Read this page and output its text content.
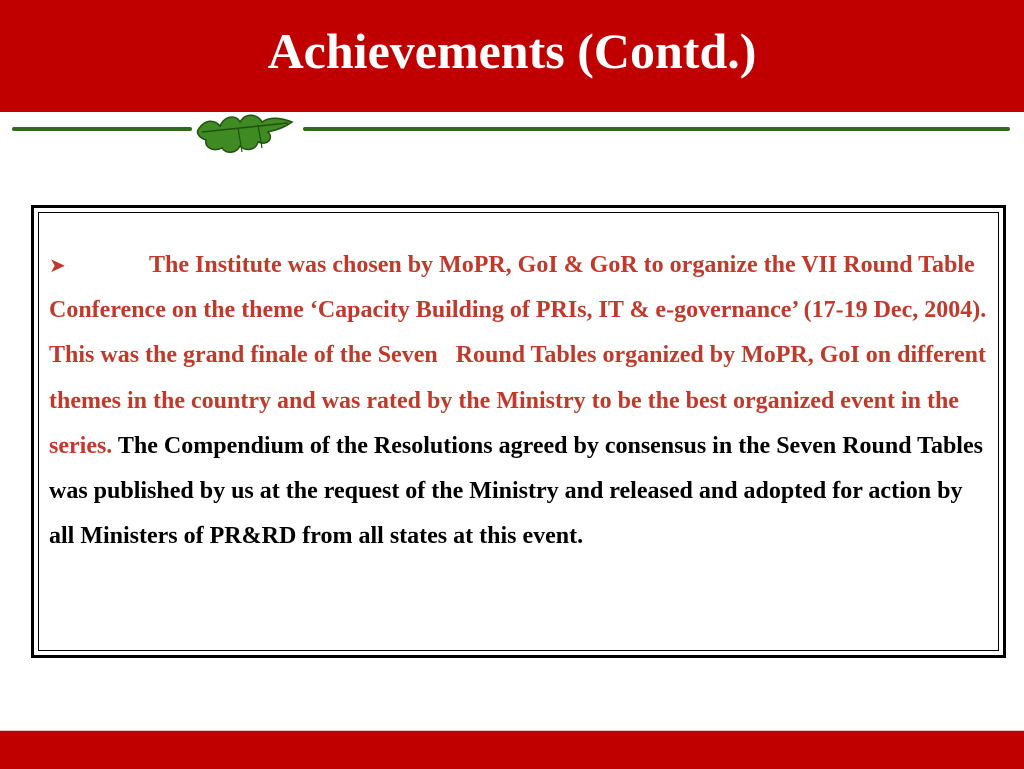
Achievements (Contd.)

➤	The Institute was chosen by MoPR, GoI & GoR to organize the VII Round Table Conference on the theme ‘Capacity Building of PRIs, IT & e-governance’ (17-19 Dec, 2004). This was the grand finale of the Seven   Round Tables organized by MoPR, GoI on different themes in the country and was rated by the Ministry to be the best organized event in the series. The Compendium of the Resolutions agreed by consensus in the Seven Round Tables was published by us at the request of the Ministry and released and adopted for action by all Ministers of PR&RD from all states at this event.
